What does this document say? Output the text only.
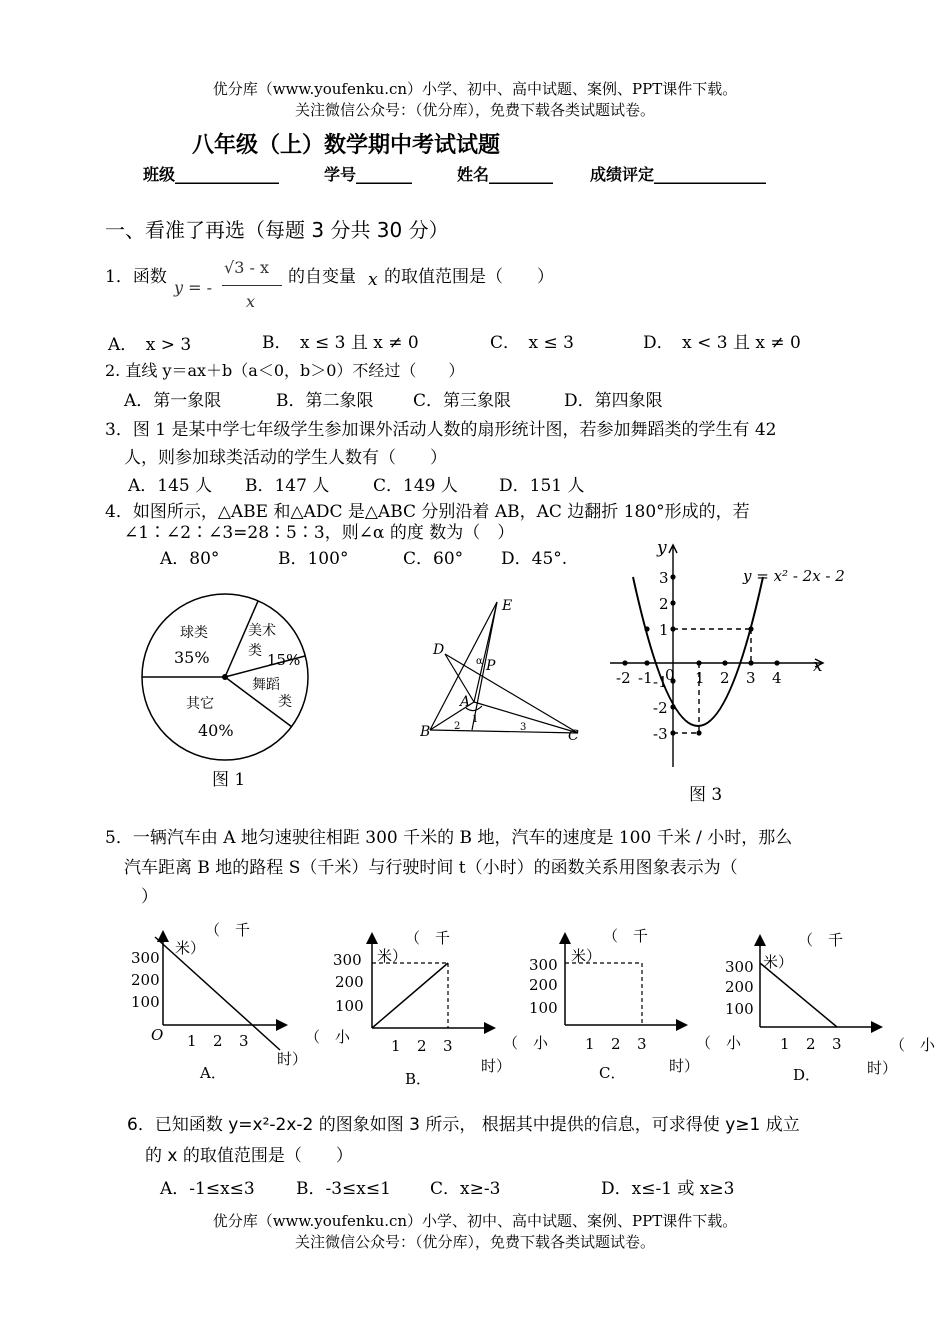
优分库（www.youfenku.cn）小学、初中、高中试题、案例、PPT课件下载。
关注微信公众号：（优分库），免费下载各类试题试卷。
八年级（上）数学期中考试试题
班级_____________	学号_______	姓名________ 成绩评定______________
一、看准了再选（每题 3 分共 30 分）
1．函数
y = -
√3 - x
x
的自变量 x 的取值范围是（　　）
A．　x > 3	B．　x ≤ 3 且 x ≠ 0	C．　x ≤ 3	D．　x < 3 且 x ≠ 0
2. 直线 y＝ax＋b（a＜0，b＞0）不经过（　　）
A．第一象限	B．第二象限 C．第三象限	D．第四象限
3．图 1 是某中学七年级学生参加课外活动人数的扇形统计图，若参加舞蹈类的学生有 42
人，则参加球类活动的学生人数有（　　）
A．145 人 B．147 人	C．149 人 D．151 人
4．如图所示，△ABE 和△ADC 是△ABC 分别沿着 AB，AC 边翻折 180°形成的，若
∠1∶∠2∶∠3=28∶5∶3，则∠α 的度 数为（　）
A．80°	B．100°	C．60° D．45°.
球类
35%
美术
类 15%
舞蹈
类
其它
40%
图 1
E
D
P
A
B	C
α
1
2	3
y
x
0
y = x² - 2x - 2
-2 -1	1 2 3 4
3
2
1
-1
-2
-3
图 3
5．一辆汽车由 A 地匀速驶往相距 300 千米的 B 地，汽车的速度是 100 千米 / 小时，那么
汽车距离 B 地的路程 S（千米）与行驶时间 t（小时）的函数关系用图象表示为（
）
（　千
米）
300
200
100
O 1 2 3	（　小
时）
A．
（　千
米）
300
200
100
1 2 3	（　小
时）
B．
（　千
米）
300
200
100
1 2 3	（　小
时）
C．
（　千
米）
300
200
100
1 2 3	（　小
时）
D．
6．已知函数 y=x²-2x-2 的图象如图 3 所示， 根据其中提供的信息，可求得使 y≥1 成立
的 x 的取值范围是（　　）
A．-1≤x≤3 B．-3≤x≤1 C．x≥-3	D．x≤-1 或 x≥3
优分库（www.youfenku.cn）小学、初中、高中试题、案例、PPT课件下载。
关注微信公众号：（优分库），免费下载各类试题试卷。
